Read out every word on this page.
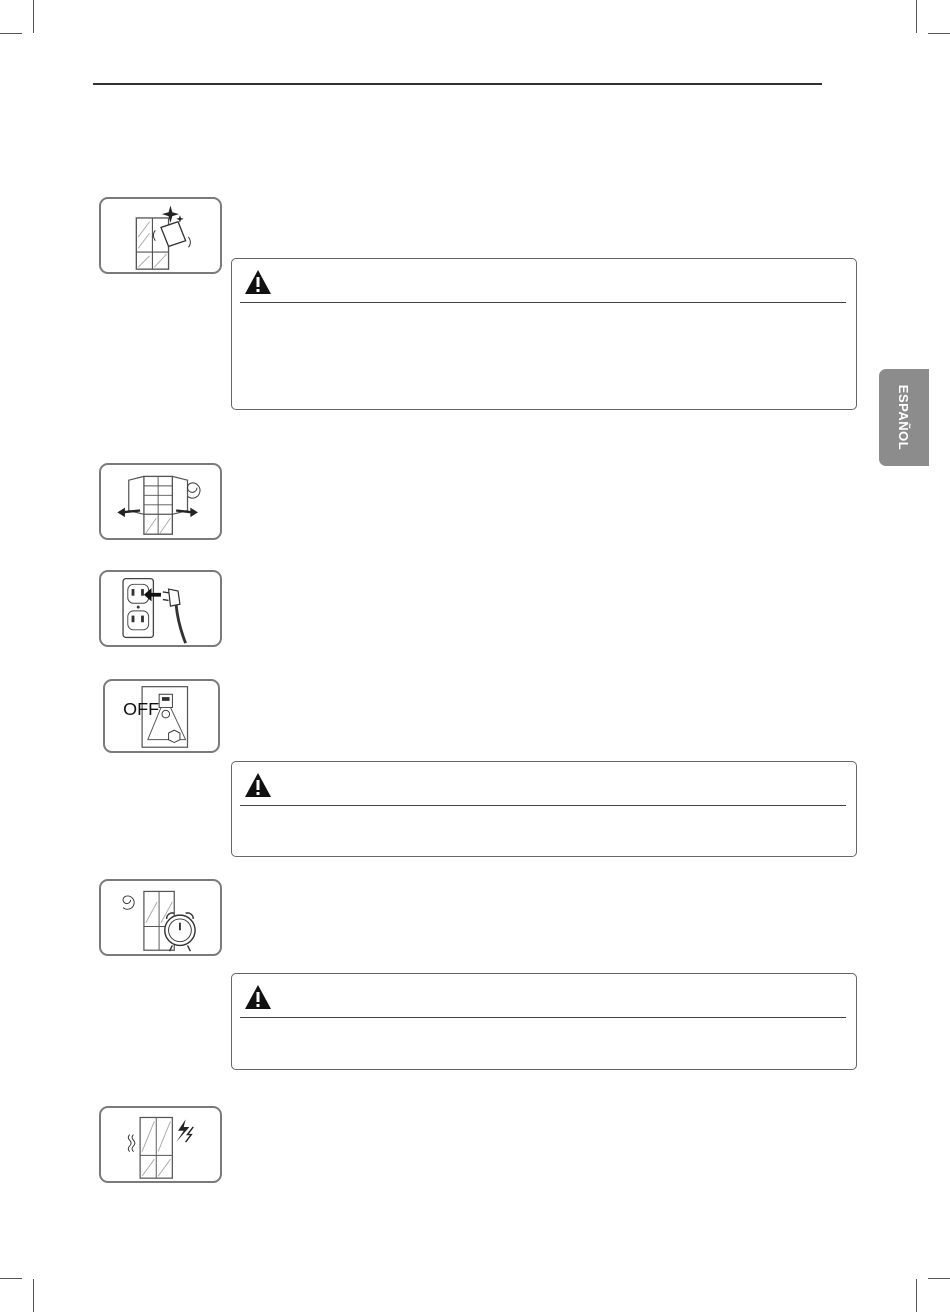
ESPAÑOL
OFF
